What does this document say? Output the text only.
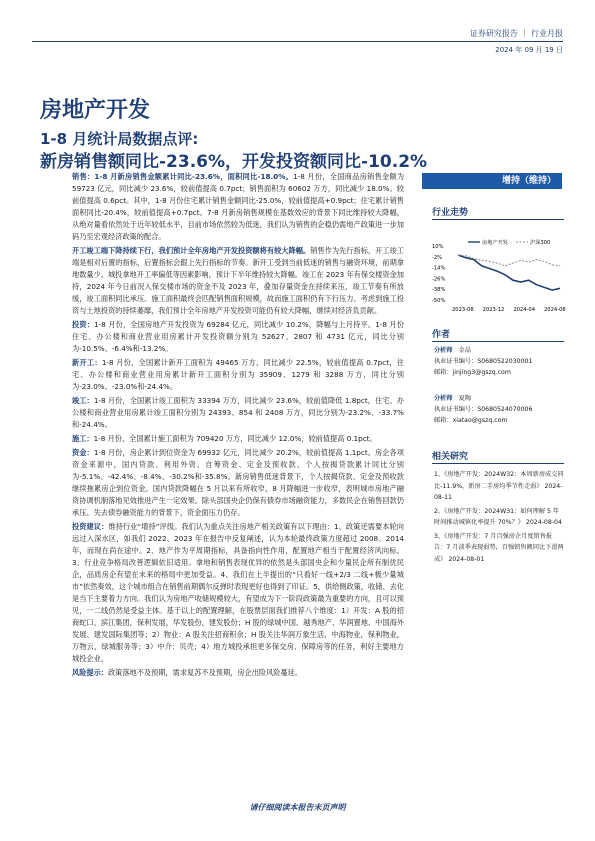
证券研究报告 ｜ 行业月报
2024 年 09 月 19 日
房地产开发
1-8 月统计局数据点评:
新房销售额同比-23.6%，开发投资额同比-10.2%

销售：1-8 月新房销售金额累计同比-23.6%，面积同比-18.0%。1-8 月份，全国商品房销售金额为 59723 亿元，同比减少 23.6%，较前值提高 0.7pct；销售面积为 60602 万方，同比减少 18.0%。较前值提高 0.6pct。其中，1-8 月份住宅累计销售金额同比-25.0%，较前值提高+0.9pct；住宅累计销售面积同比-20.4%，较前值提高+0.7pct。7-8 月新房销售规模在基数效应的背景下同比维持较大降幅，从绝对量看依然处于近年较低水平，目前市场依然较为低迷，我们认为销售的企稳仍需地产政策进一步加码乃至宏观经济政策的配合。

开工竣工端下降持续下行，我们预计全年房地产开发投资额将有较大降幅。销售作为先行指标，开工竣工端是相对后置的指标，后置指标会跟上先行指标的节奏。新开工受到当前低迷的销售与融资环境，前期拿地数量少、城投拿地开工率偏低等因素影响，预计下半年维持较大降幅。竣工在 2023 年有保交楼资金加持，2024 年今日前况入保交楼市场的资金不及 2023 年，叠加存量资金在持续来压，竣工节奏有所放缓，竣工面积同比承压。施工面积最终会匹配销售面积规模，故而施工面积仍有下行压力。考虑到施工投资与土地投资的持续萎靡，我们预计全年房地产开发投资可能仍有较大降幅，继续对经济负贡献。

投资：1-8 月份，全国房地产开发投资为 69284 亿元，同比减少 10.2%，降幅与上月持平。1-8 月份住宅、办公楼和商业营业用房累计开发投资额分别为 52627、2807 和 4731 亿元，同比分别为-10.5%、-6.4%和-13.2%。

新开工：1-8 月份，全国累计新开工面积为 49465 万方，同比减少 22.5%，较前值提高 0.7pct，住宅、办公楼和商业营业用房累计新开工面积分别为 35909、1279 和 3288 万方，同比分别为-23.0%、-23.0%和-24.4%。

竣工：1-8 月份，全国累计竣工面积为 33394 万方，同比减少 23.6%，较前值降低 1.8pct，住宅、办公楼和商业营业用房累计竣工面积分别为 24393、854 和 2408 万方，同比分别为-23.2%、-33.7%和-24.4%。

施工：1-8 月份，全国累计施工面积为 709420 万方，同比减少 12.0%，较前值提高 0.1pct。

资金：1-8 月份，房企累计到位资金为 69932 亿元，同比减少 20.2%，较前值提高 1.1pct。房企各项资金来源中，国内贷款、利用外资、自筹资金、定金及预收款、个人按揭贷款累计同比分别为-5.1%、-42.4%、-8.4%、-30.2%和-35.8%。新房销售低迷背景下，个人按揭贷款、定金及预收款继续拖累房企到位资金。国内贷款降幅在 5 月以来有所收窄，8 月降幅进一步收窄，表明城市房地产融资协调机制落地见效推进产生一定效果。除头部国央企仍保有债券市场融资能力，多数民企在销售回款仍承压、失去债券融资能力的背景下，资金面压力仍存。

投资建议：维持行业“增持”评级。我们认为重点关注房地产相关政策有以下理由：1、政策还需要本轮向远过入深水区，如我们 2022、2023 年在报告中反复阐述，认为本轮最终政策力度超过 2008、2014 年，而现在尚在途中。2、地产作为平周期指标，具备指向性作用，配置地产相当于配置经济风向标。3、行业竞争格局改善逻辑依旧适用。拿地和销售表现优异的依然是头部国央企和少量民企所有制优民企，品质房企有望在未来的格局中更加受益。4、我们在上半提出的“只看好一线+2/3 二线+极少量城市”依然奏效，这个城市组合在销售前期偶尔反弹时表现更好也得到了印证。5、供给侧政策，收储、去化是当下主要着力方向。我们认为房地产收储规模较大，有望成为下一阶段政策最为重要的方向，且可以预见，一二线仍然是受益主体。基于以上的配置理解，在股票层面我们推荐八个维度：1）开发：A 股的招商蛇口、滨江集团，保利发展，华发股份，建发股份；H 股的绿城中国、越秀地产、华润置地、中国海外发展、建发国际集团等；2）物业：A 股关注招商积余；H 股关注华润万象生活，中海物业，保利物业，万物云，绿城服务等；3）中介：贝壳；4）地方城投承担更多保交房、保障房等的任务，利好主要地方城投企业。

风险提示：政策落地不及预期，需求复苏不及预期，房企出险风险蔓延。

增持（维持）
行业走势
10%
-2%
-14%
-26%
-38%
-50%
2023-08 2023-12 2024-04 2024-08
房地产开发	沪深300
作者
分析师 金晶
执业证书编号：S0680522030001
邮箱：jinjing3@gszq.com
分析师 夏陶
执业证书编号：S0680524070006
邮箱：xiatao@gszq.com
相关研究

1、《房地产开发：2024W32：本周新房成交同比-11.9%，新房二手房均季节性走弱》 2024-08-11

2、《房地产开发：2024W31：如何理解 5 年时间推动城镇化率提升 70%？》 2024-08-04

3、《房地产开发：7 月百强房企月度销售报告：7 月淡季表现弱势，百强销售额同比下滑两成》 2024-08-01

请仔细阅读本报告末页声明
